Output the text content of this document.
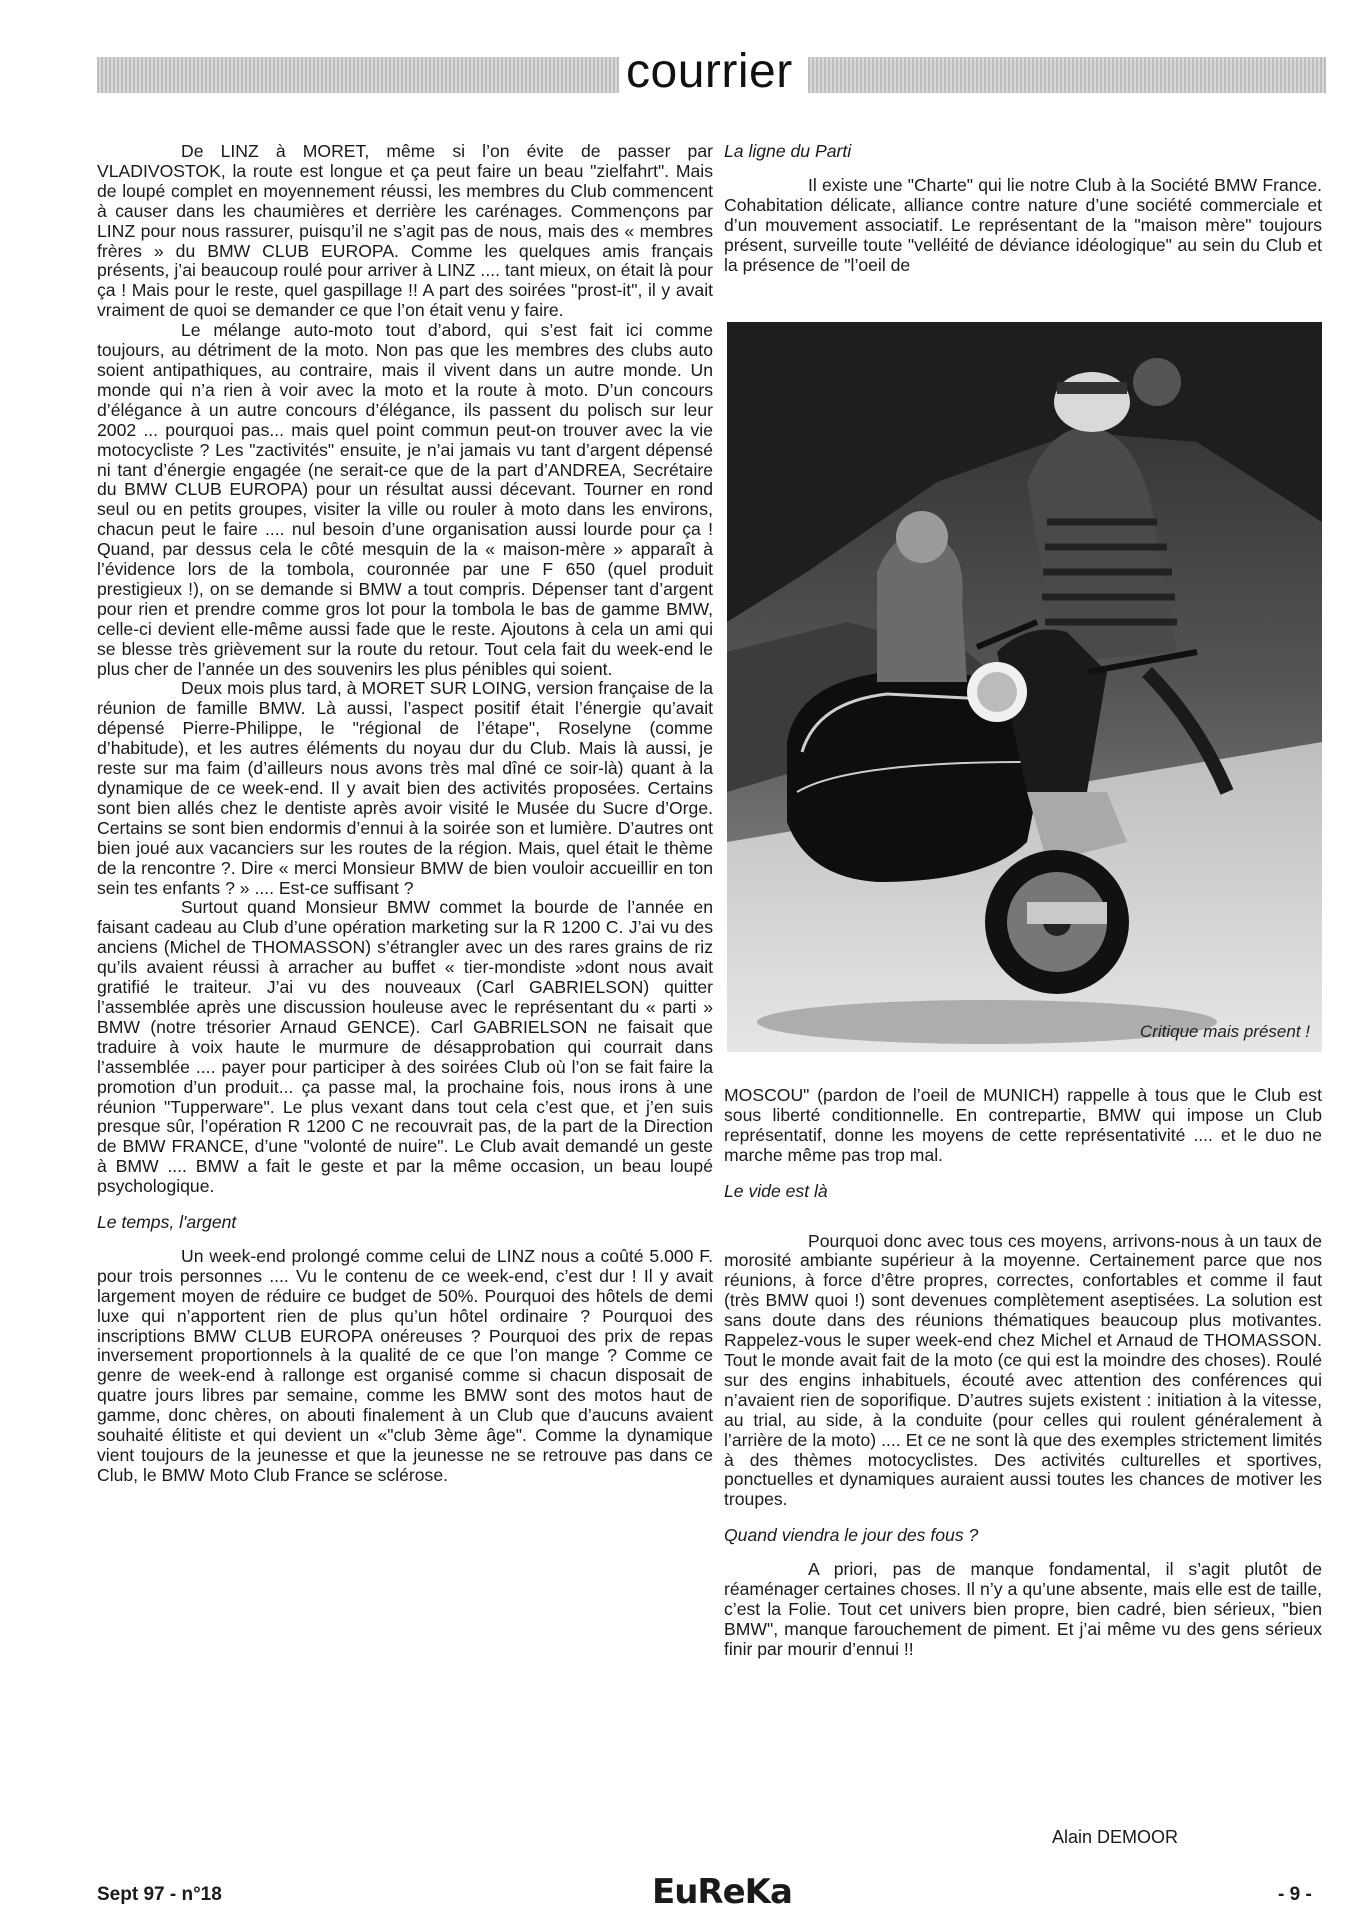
courrier

De LINZ à MORET, même si l’on évite de passer par VLADIVOSTOK, la route est longue et ça peut faire un beau "zielfahrt". Mais de loupé complet en moyennement réussi, les membres du Club commencent à causer dans les chaumières et derrière les carénages. Commençons par LINZ pour nous rassurer, puisqu’il ne s’agit pas de nous, mais des « membres frères » du BMW CLUB EUROPA. Comme les quelques amis français présents, j’ai beaucoup roulé pour arriver à LINZ .... tant mieux, on était là pour ça ! Mais pour le reste, quel gaspillage !! A part des soirées "prost-it", il y avait vraiment de quoi se demander ce que l’on était venu y faire.

Le mélange auto-moto tout d’abord, qui s’est fait ici comme toujours, au détriment de la moto. Non pas que les membres des clubs auto soient antipathiques, au contraire, mais il vivent dans un autre monde. Un monde qui n’a rien à voir avec la moto et la route à moto. D’un concours d’élégance à un autre concours d’élégance, ils passent du polisch sur leur 2002 ... pourquoi pas... mais quel point commun peut-on trouver avec la vie motocycliste ? Les "zactivités" ensuite, je n’ai jamais vu tant d’argent dépensé ni tant d’énergie engagée (ne serait-ce que de la part d’ANDREA, Secrétaire du BMW CLUB EUROPA) pour un résultat aussi décevant. Tourner en rond seul ou en petits groupes, visiter la ville ou rouler à moto dans les environs, chacun peut le faire .... nul besoin d’une organisation aussi lourde pour ça ! Quand, par dessus cela le côté mesquin de la « maison-mère » apparaît à l’évidence lors de la tombola, couronnée par une F 650 (quel produit prestigieux !), on se demande si BMW a tout compris. Dépenser tant d’argent pour rien et prendre comme gros lot pour la tombola le bas de gamme BMW, celle-ci devient elle-même aussi fade que le reste. Ajoutons à cela un ami qui se blesse très grièvement sur la route du retour. Tout cela fait du week-end le plus cher de l’année un des souvenirs les plus pénibles qui soient.

Deux mois plus tard, à MORET SUR LOING, version française de la réunion de famille BMW. Là aussi, l’aspect positif était l’énergie qu’avait dépensé Pierre-Philippe, le "régional de l’étape", Roselyne (comme d’habitude), et les autres éléments du noyau dur du Club. Mais là aussi, je reste sur ma faim (d’ailleurs nous avons très mal dîné ce soir-là) quant à la dynamique de ce week-end. Il y avait bien des activités proposées. Certains sont bien allés chez le dentiste après avoir visité le Musée du Sucre d’Orge. Certains se sont bien endormis d’ennui à la soirée son et lumière. D’autres ont bien joué aux vacanciers sur les routes de la région. Mais, quel était le thème de la rencontre ?. Dire « merci Monsieur BMW de bien vouloir accueillir en ton sein tes enfants ? » .... Est-ce suffisant ?

Surtout quand Monsieur BMW commet la bourde de l’année en faisant cadeau au Club d’une opération marketing sur la R 1200 C. J’ai vu des anciens (Michel de THOMASSON) s’étrangler avec un des rares grains de riz qu’ils avaient réussi à arracher au buffet « tier-mondiste »dont nous avait gratifié le traiteur. J’ai vu des nouveaux (Carl GABRIELSON) quitter l’assemblée après une discussion houleuse avec le représentant du « parti » BMW (notre trésorier Arnaud GENCE). Carl GABRIELSON ne faisait que traduire à voix haute le murmure de désapprobation qui courrait dans l’assemblée .... payer pour participer à des soirées Club où l’on se fait faire la promotion d’un produit... ça passe mal, la prochaine fois, nous irons à une réunion "Tupperware". Le plus vexant dans tout cela c’est que, et j’en suis presque sûr, l’opération R 1200 C ne recouvrait pas, de la part de la Direction de BMW FRANCE, d’une "volonté de nuire". Le Club avait demandé un geste à BMW .... BMW a fait le geste et par la même occasion, un beau loupé psychologique.

Le temps, l'argent

Un week-end prolongé comme celui de LINZ nous a coûté 5.000 F. pour trois personnes .... Vu le contenu de ce week-end, c’est dur ! Il y avait largement moyen de réduire ce budget de 50%. Pourquoi des hôtels de demi luxe qui n’apportent rien de plus qu’un hôtel ordinaire ? Pourquoi des inscriptions BMW CLUB EUROPA onéreuses ? Pourquoi des prix de repas inversement proportionnels à la qualité de ce que l’on mange ? Comme ce genre de week-end à rallonge est organisé comme si chacun disposait de quatre jours libres par semaine, comme les BMW sont des motos haut de gamme, donc chères, on abouti finalement à un Club que d’aucuns avaient souhaité élitiste et qui devient un «"club 3ème âge". Comme la dynamique vient toujours de la jeunesse et que la jeunesse ne se retrouve pas dans ce Club, le BMW Moto Club France se sclérose.

La ligne du Parti

Il existe une "Charte" qui lie notre Club à la Société BMW France. Cohabitation délicate, alliance contre nature d’une société commerciale et d’un mouvement associatif. Le représentant de la "maison mère" toujours présent, surveille toute "velléité de déviance idéologique" au sein du Club et la présence de "l’oeil de

Critique mais présent !

MOSCOU" (pardon de l’oeil de MUNICH) rappelle à tous que le Club est sous liberté conditionnelle. En contrepartie, BMW qui impose un Club représentatif, donne les moyens de cette représentativité .... et le duo ne marche même pas trop mal.

Le vide est là

Pourquoi donc avec tous ces moyens, arrivons-nous à un taux de morosité ambiante supérieur à la moyenne. Certainement parce que nos réunions, à force d’être propres, correctes, confortables et comme il faut (très BMW quoi !) sont devenues complètement aseptisées. La solution est sans doute dans des réunions thématiques beaucoup plus motivantes. Rappelez-vous le super week-end chez Michel et Arnaud de THOMASSON. Tout le monde avait fait de la moto (ce qui est la moindre des choses). Roulé sur des engins inhabituels, écouté avec attention des conférences qui n’avaient rien de soporifique. D’autres sujets existent : initiation à la vitesse, au trial, au side, à la conduite (pour celles qui roulent généralement à l’arrière de la moto) .... Et ce ne sont là que des exemples strictement limités à des thèmes motocyclistes. Des activités culturelles et sportives, ponctuelles et dynamiques auraient aussi toutes les chances de motiver les troupes.

Quand viendra le jour des fous ?

A priori, pas de manque fondamental, il s’agit plutôt de réaménager certaines choses. Il n’y a qu’une absente, mais elle est de taille, c’est la Folie. Tout cet univers bien propre, bien cadré, bien sérieux, "bien BMW", manque farouchement de piment. Et j’ai même vu des gens sérieux finir par mourir d’ennui !!

Alain DEMOOR
Sept 97 - n°18	EuReKa	- 9 -
